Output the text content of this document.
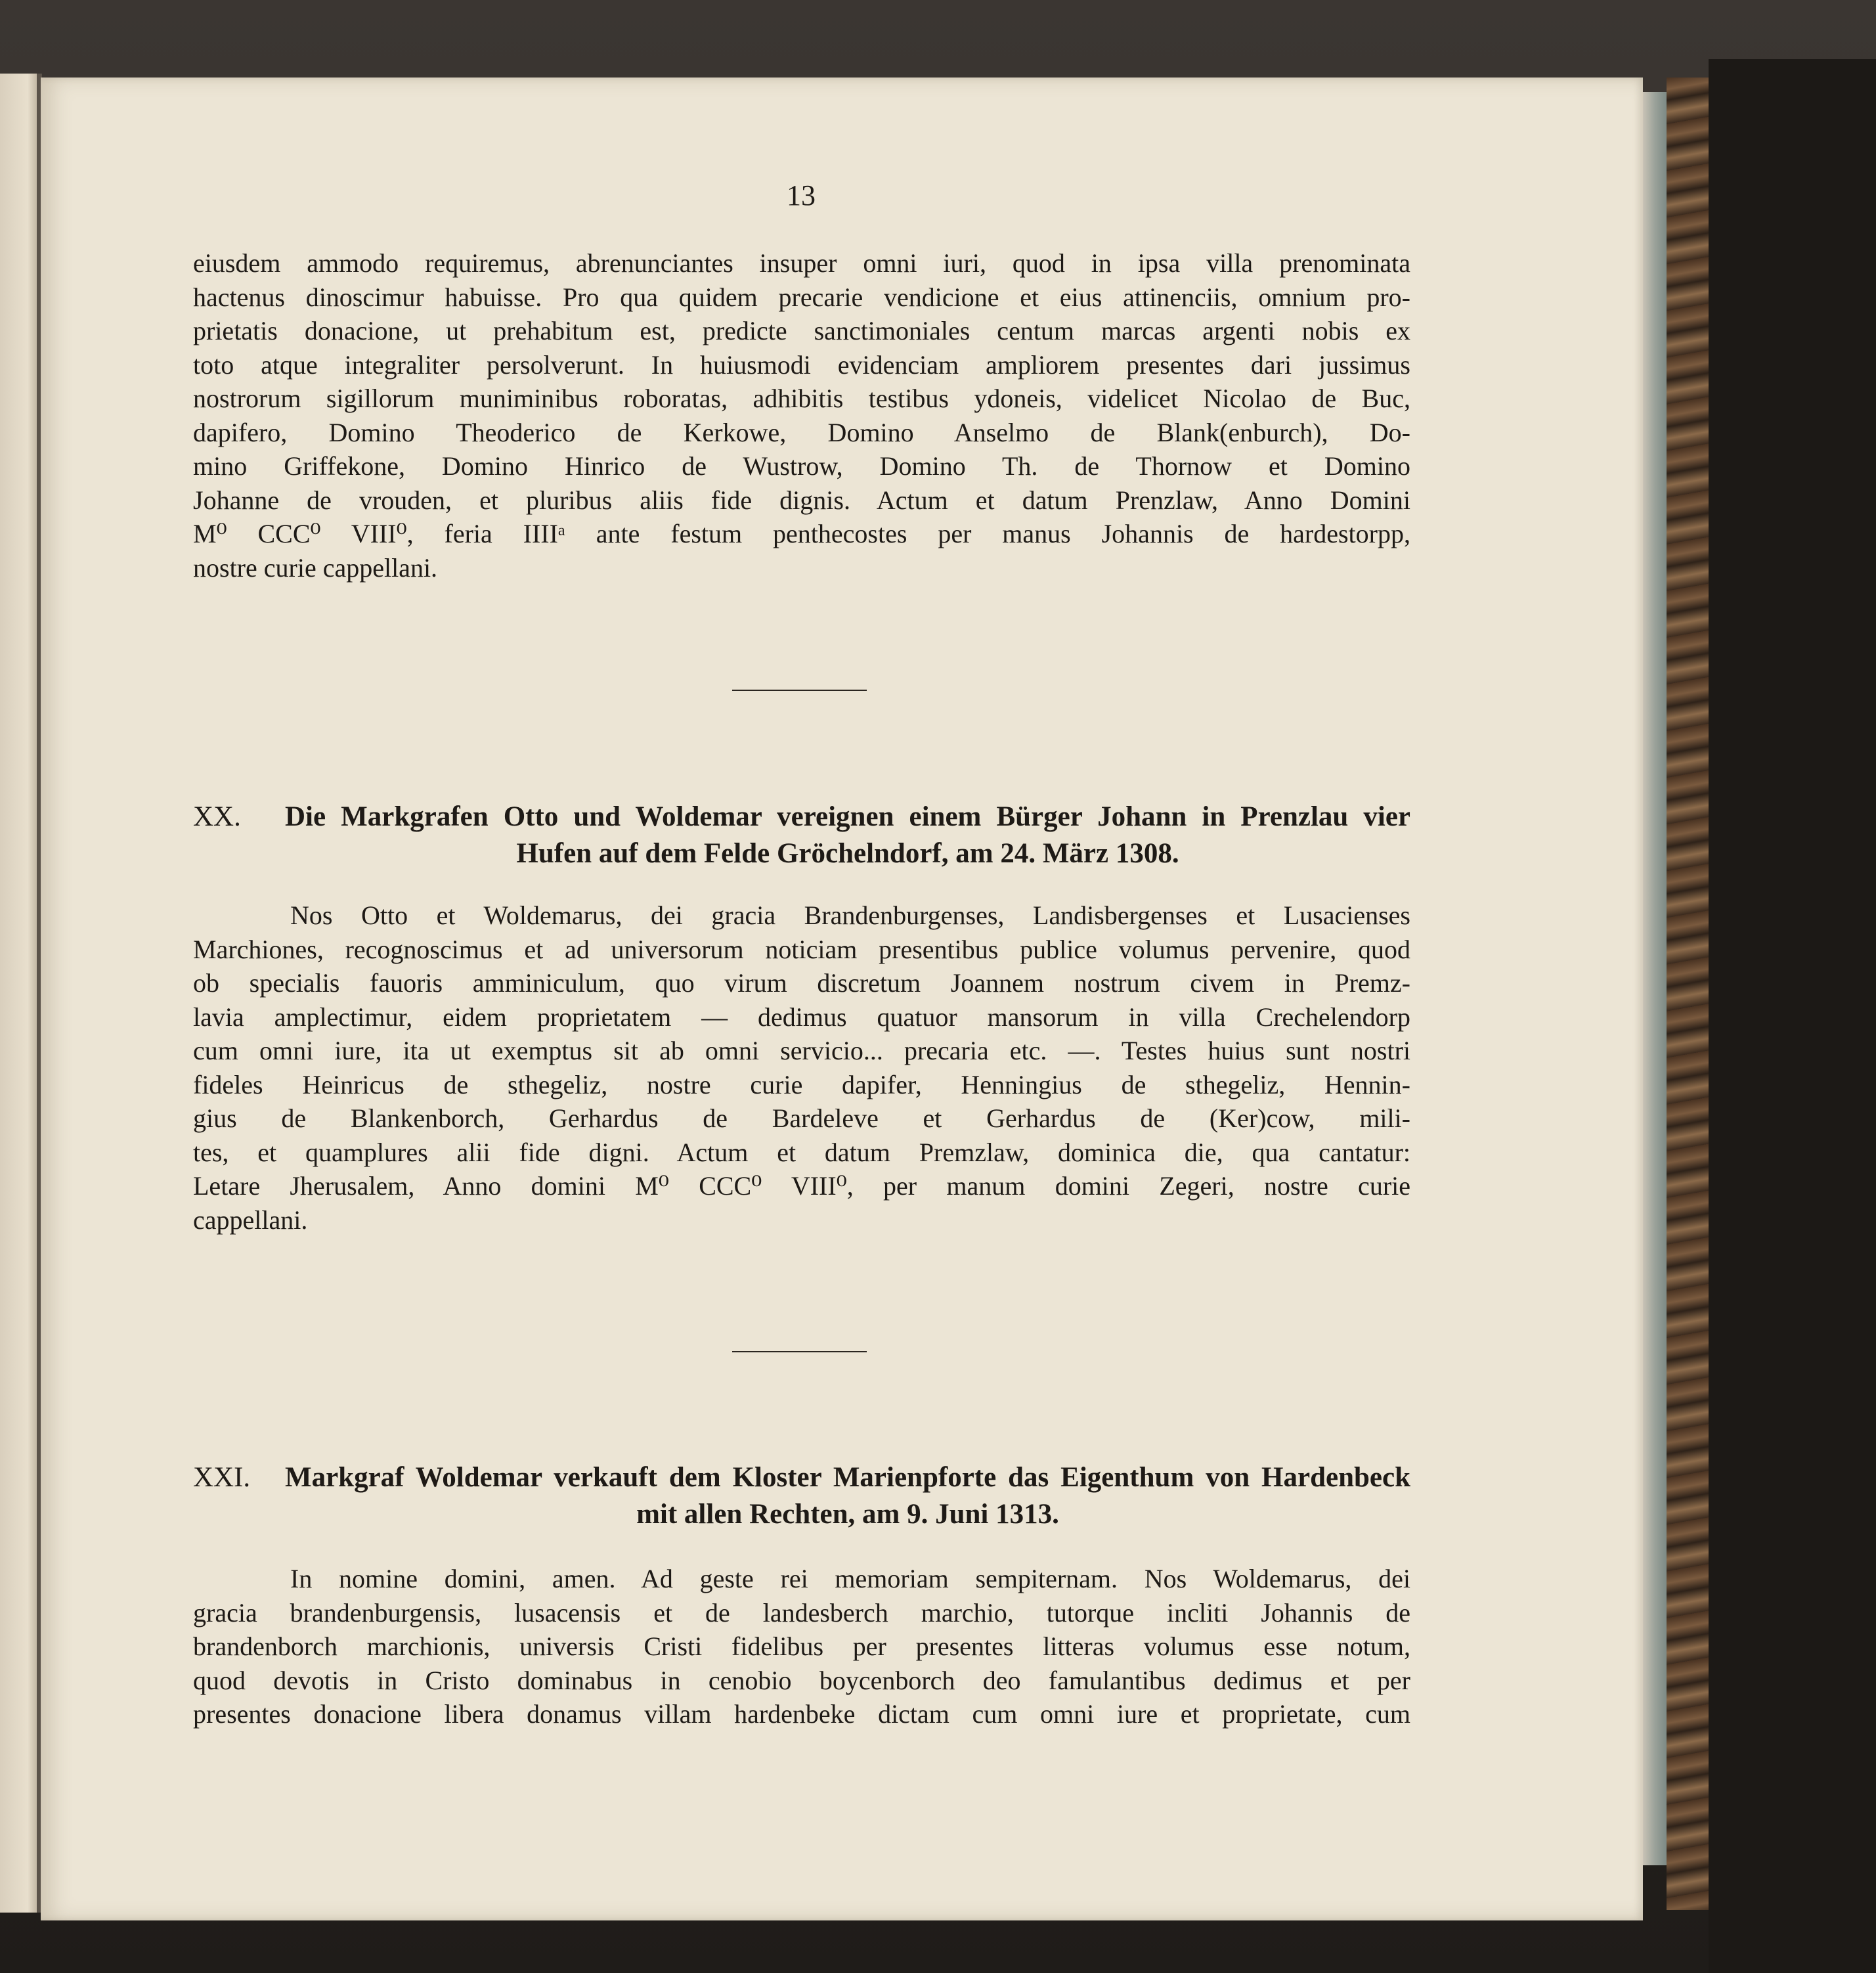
13
eiusdem ammodo requiremus, abrenunciantes insuper omni iuri, quod in ipsa villa prenominata
hactenus dinoscimur habuisse. Pro qua quidem precarie vendicione et eius attinenciis, omnium pro-
prietatis donacione, ut prehabitum est, predicte sanctimoniales centum marcas argenti nobis ex
toto atque integraliter persolverunt. In huiusmodi evidenciam ampliorem presentes dari jussimus
nostrorum sigillorum muniminibus roboratas, adhibitis testibus ydoneis, videlicet Nicolao de Buc,
dapifero, Domino Theoderico de Kerkowe, Domino Anselmo de Blank(enburch), Do-
mino Griffekone, Domino Hinrico de Wustrow, Domino Th. de Thornow et Domino
Johanne de vrouden, et pluribus aliis fide dignis. Actum et datum Prenzlaw, Anno Domini
M⁰ CCC⁰ VIII⁰, feria IIIIᵃ ante festum penthecostes per manus Johannis de hardestorpp,
nostre curie cappellani.
XX.	Die Markgrafen Otto und Woldemar vereignen einem Bürger Johann in Prenzlau vier
Hufen auf dem Felde Gröchelndorf, am 24. März 1308.
Nos Otto et Woldemarus, dei gracia Brandenburgenses, Landisbergenses et Lusacienses
Marchiones, recognoscimus et ad universorum noticiam presentibus publice volumus pervenire, quod
ob specialis fauoris amminiculum, quo virum discretum Joannem nostrum civem in Premz-
lavia amplectimur, eidem proprietatem — dedimus quatuor mansorum in villa Crechelendorp
cum omni iure, ita ut exemptus sit ab omni servicio... precaria etc. —. Testes huius sunt nostri
fideles Heinricus de sthegeliz, nostre curie dapifer, Henningius de sthegeliz, Hennin-
gius de Blankenborch, Gerhardus de Bardeleve et Gerhardus de (Ker)cow, mili-
tes, et quamplures alii fide digni. Actum et datum Premzlaw, dominica die, qua cantatur:
Letare Jherusalem, Anno domini M⁰ CCC⁰ VIII⁰, per manum domini Zegeri, nostre curie
cappellani.
XXI.	Markgraf Woldemar verkauft dem Kloster Marienpforte das Eigenthum von Hardenbeck
mit allen Rechten, am 9. Juni 1313.
In nomine domini, amen. Ad geste rei memoriam sempiternam. Nos Woldemarus, dei
gracia brandenburgensis, lusacensis et de landesberch marchio, tutorque incliti Johannis de
brandenborch marchionis, universis Cristi fidelibus per presentes litteras volumus esse notum,
quod devotis in Cristo dominabus in cenobio boycenborch deo famulantibus dedimus et per
presentes donacione libera donamus villam hardenbeke dictam cum omni iure et proprietate, cum
